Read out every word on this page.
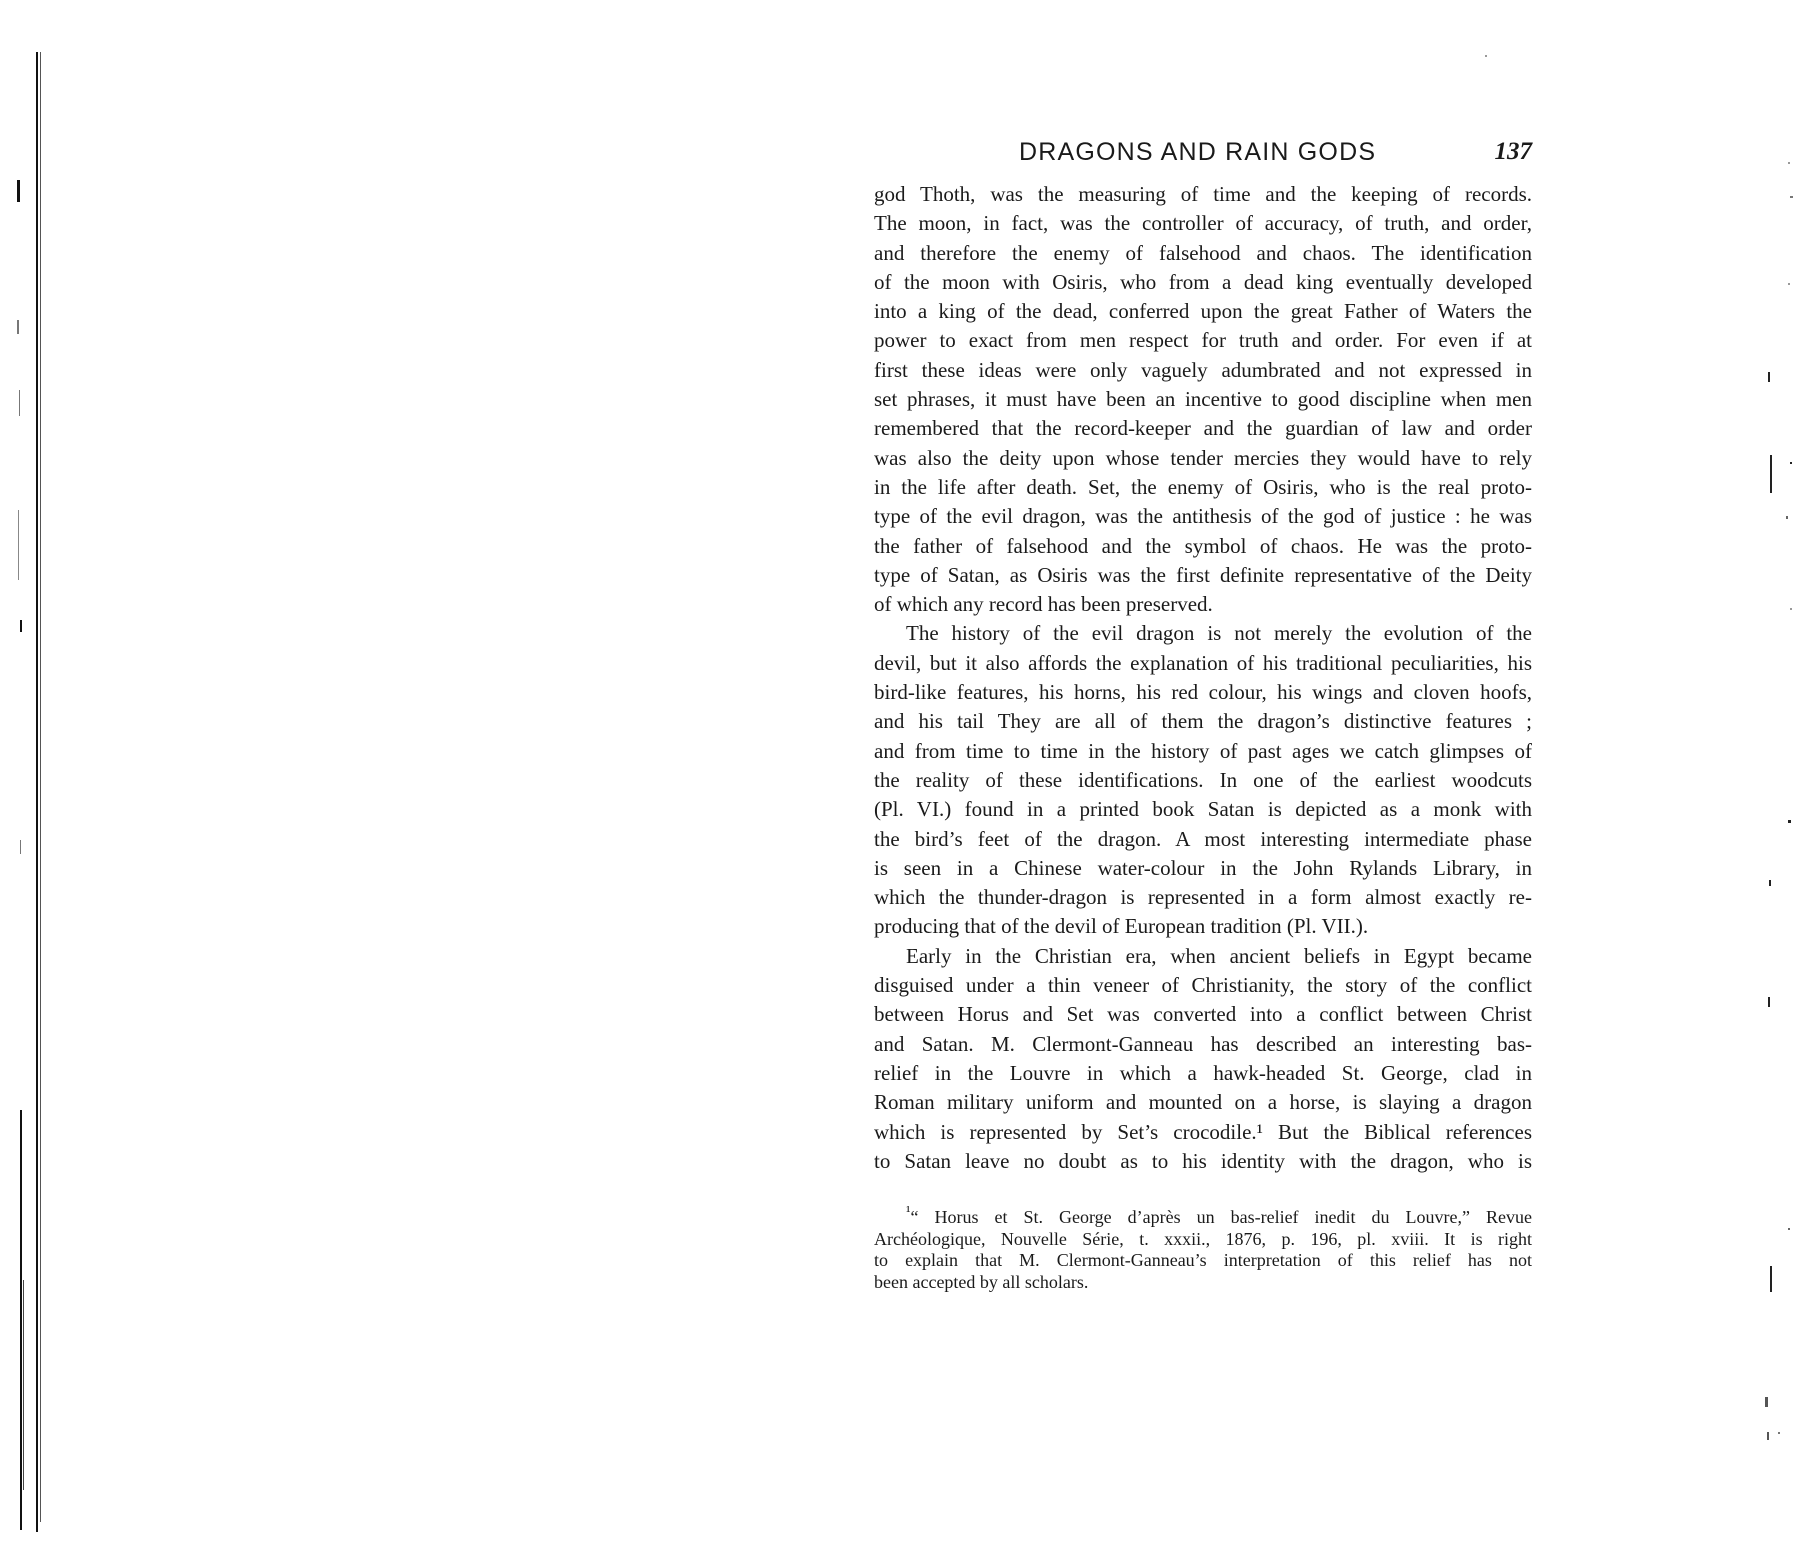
DRAGONS AND RAIN GODS	137

god Thoth, was the measuring of time and the keeping of records.
The moon, in fact, was the controller of accuracy, of truth, and order,
and therefore the enemy of falsehood and chaos. The identification
of the moon with Osiris, who from a dead king eventually developed
into a king of the dead, conferred upon the great Father of Waters the
power to exact from men respect for truth and order. For even if at
first these ideas were only vaguely adumbrated and not expressed in
set phrases, it must have been an incentive to good discipline when men
remembered that the record-keeper and the guardian of law and order
was also the deity upon whose tender mercies they would have to rely
in the life after death. Set, the enemy of Osiris, who is the real proto-
type of the evil dragon, was the antithesis of the god of justice : he was
the father of falsehood and the symbol of chaos. He was the proto-
type of Satan, as Osiris was the first definite representative of the Deity
of which any record has been preserved.

The history of the evil dragon is not merely the evolution of the
devil, but it also affords the explanation of his traditional peculiarities, his
bird-like features, his horns, his red colour, his wings and cloven hoofs,
and his tail They are all of them the dragon’s distinctive features ;
and from time to time in the history of past ages we catch glimpses of
the reality of these identifications. In one of the earliest woodcuts
(Pl. VI.) found in a printed book Satan is depicted as a monk with
the bird’s feet of the dragon. A most interesting intermediate phase
is seen in a Chinese water-colour in the John Rylands Library, in
which the thunder-dragon is represented in a form almost exactly re-
producing that of the devil of European tradition (Pl. VII.).

Early in the Christian era, when ancient beliefs in Egypt became
disguised under a thin veneer of Christianity, the story of the conflict
between Horus and Set was converted into a conflict between Christ
and Satan. M. Clermont-Ganneau has described an interesting bas-
relief in the Louvre in which a hawk-headed St. George, clad in
Roman military uniform and mounted on a horse, is slaying a dragon
which is represented by Set’s crocodile.¹ But the Biblical references
to Satan leave no doubt as to his identity with the dragon, who is

$^{^1}$“ Horus et St. George d’après un bas-relief inedit du Louvre,” Revue
Archéologique, Nouvelle Série, t. xxxii., 1876, p. 196, pl. xviii. It is right
to explain that M. Clermont-Ganneau’s interpretation of this relief has not
been accepted by all scholars.
